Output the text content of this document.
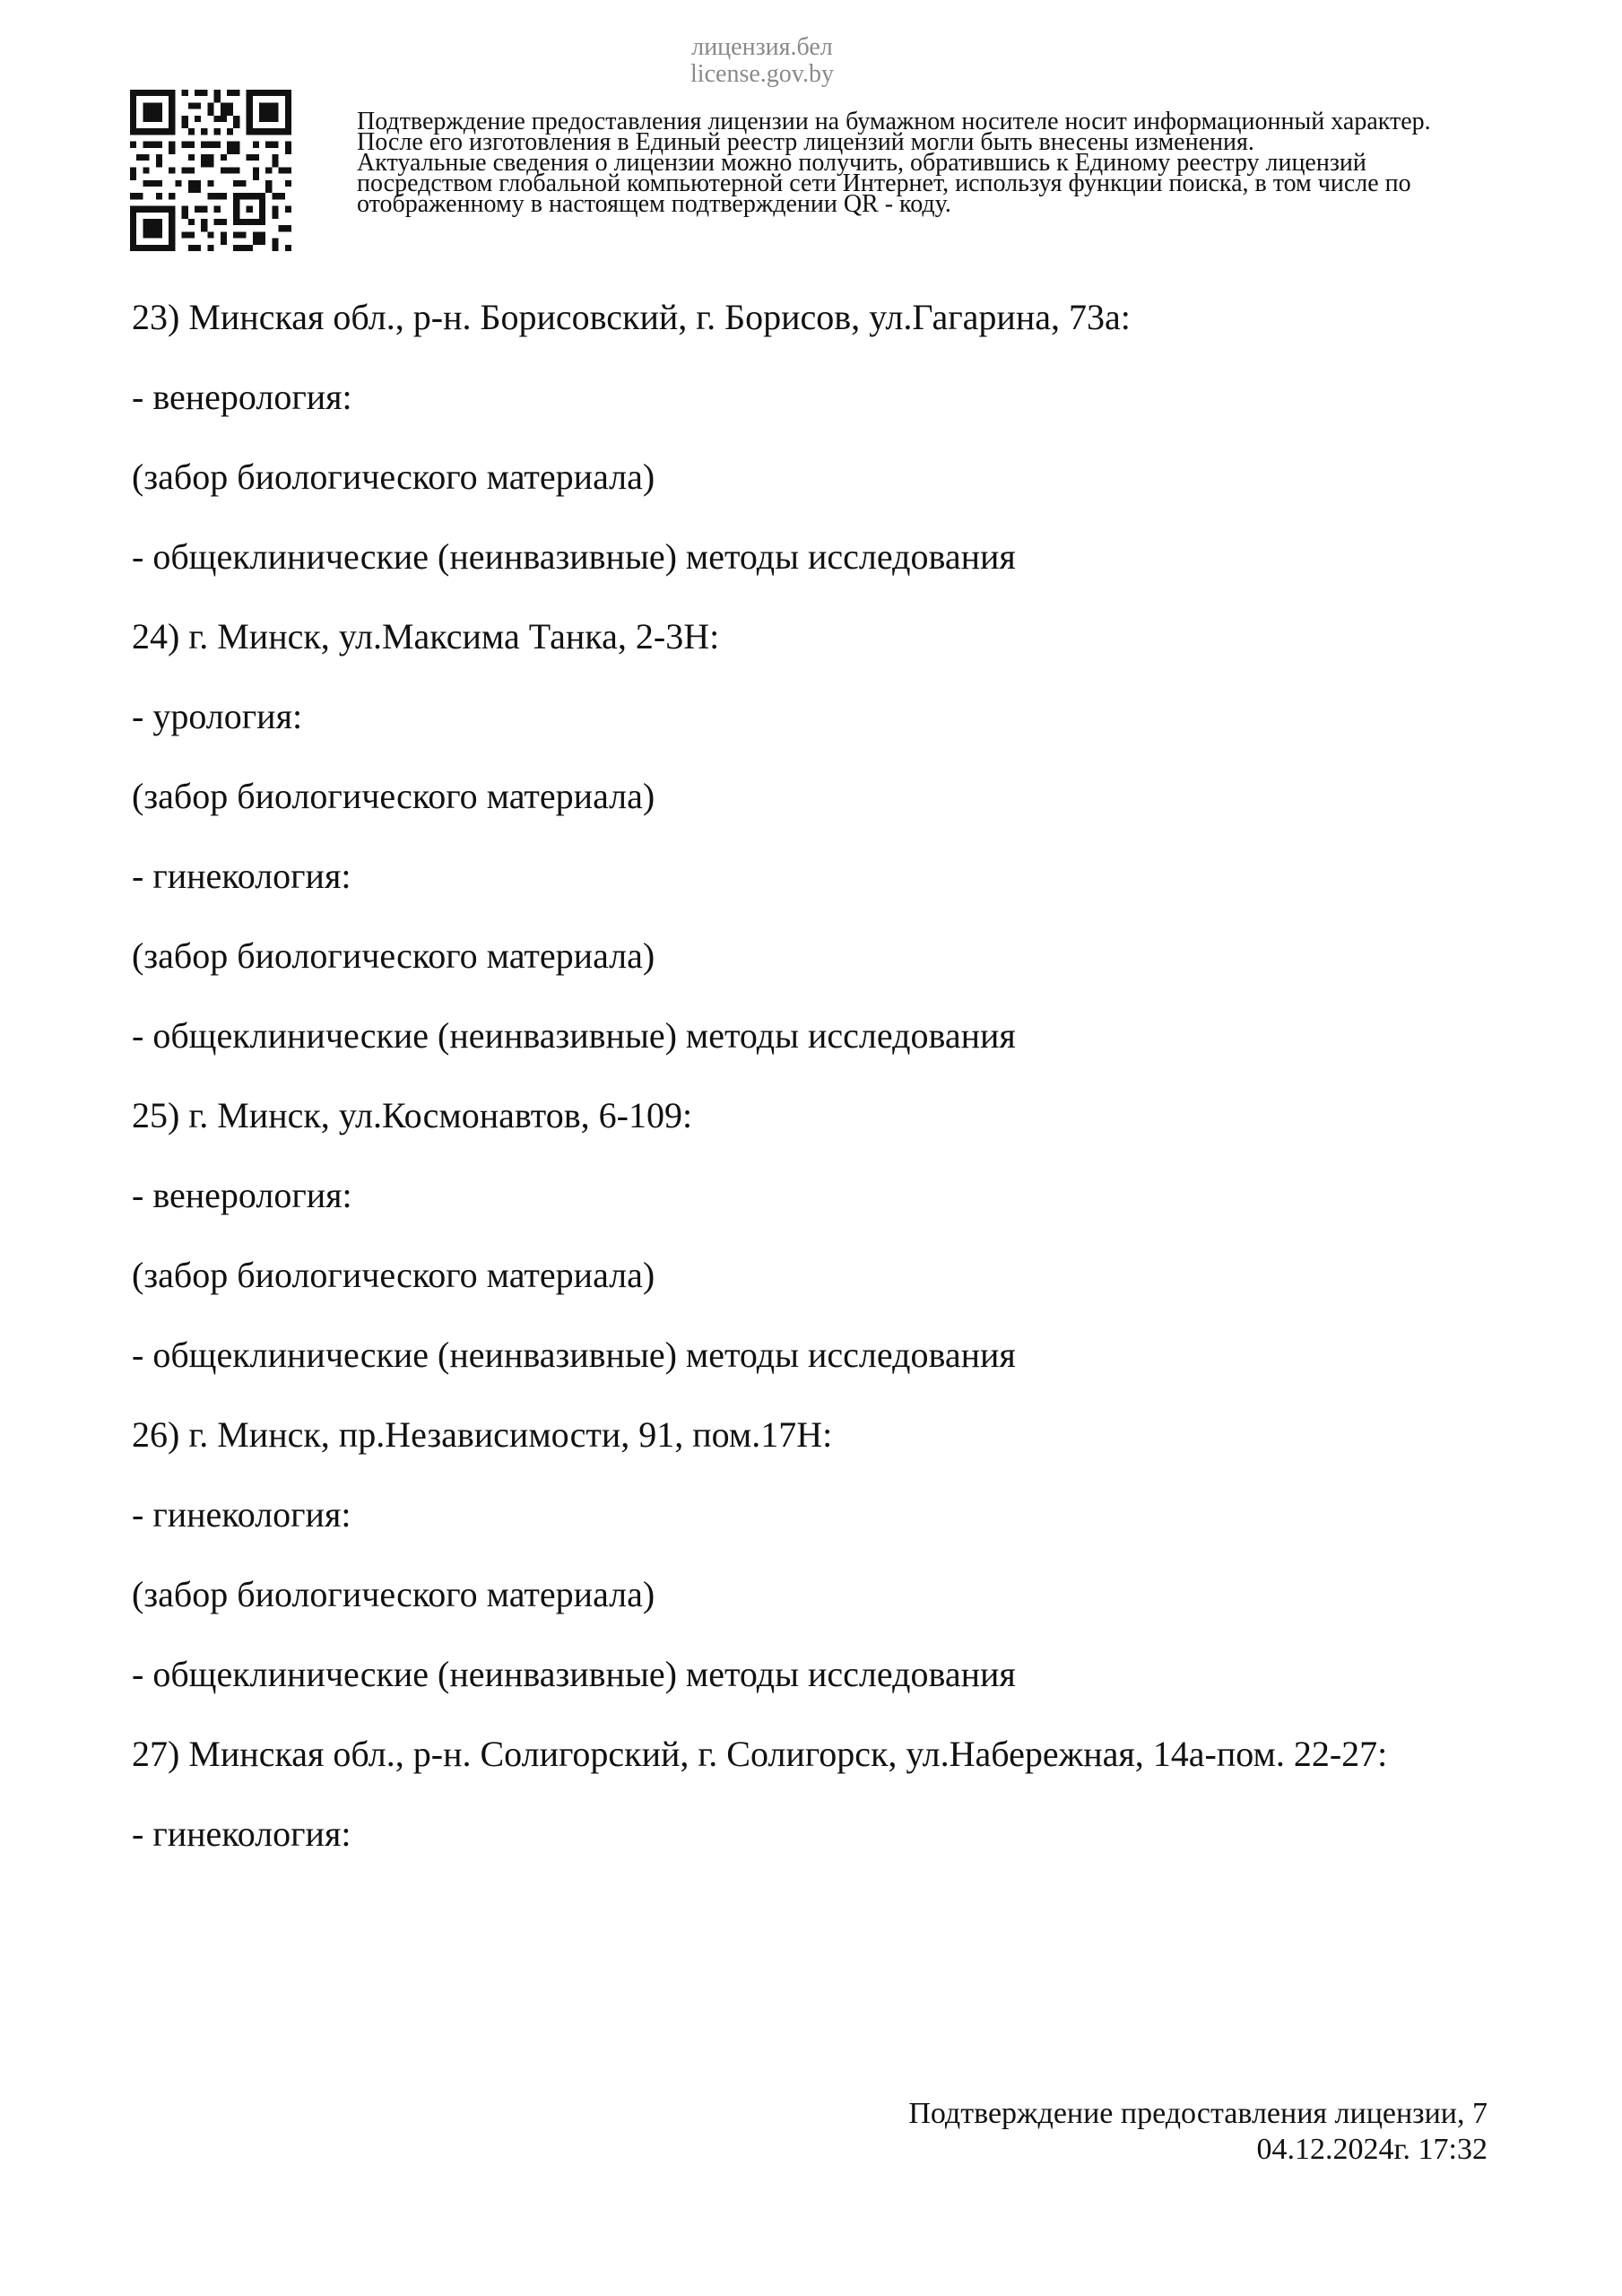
лицензия.бел
license.gov.by
Подтверждение предоставления лицензии на бумажном носителе носит информационный характер.
После его изготовления в Единый реестр лицензий могли быть внесены изменения.
Актуальные сведения о лицензии можно получить, обратившись к Единому реестру лицензий
посредством глобальной компьютерной сети Интернет, используя функции поиска, в том числе по
отображенному в настоящем подтверждении QR - коду.
23) Минская обл., р-н. Борисовский, г. Борисов, ул.Гагарина, 73а:
- венерология:
(забор биологического материала)
- общеклинические (неинвазивные) методы исследования
24) г. Минск, ул.Максима Танка, 2-3Н:
- урология:
(забор биологического материала)
- гинекология:
(забор биологического материала)
- общеклинические (неинвазивные) методы исследования
25) г. Минск, ул.Космонавтов, 6-109:
- венерология:
(забор биологического материала)
- общеклинические (неинвазивные) методы исследования
26) г. Минск, пр.Независимости, 91, пом.17Н:
- гинекология:
(забор биологического материала)
- общеклинические (неинвазивные) методы исследования
27) Минская обл., р-н. Солигорский, г. Солигорск, ул.Набережная, 14а-пом. 22-27:
- гинекология:
Подтверждение предоставления лицензии, 7
04.12.2024г. 17:32
